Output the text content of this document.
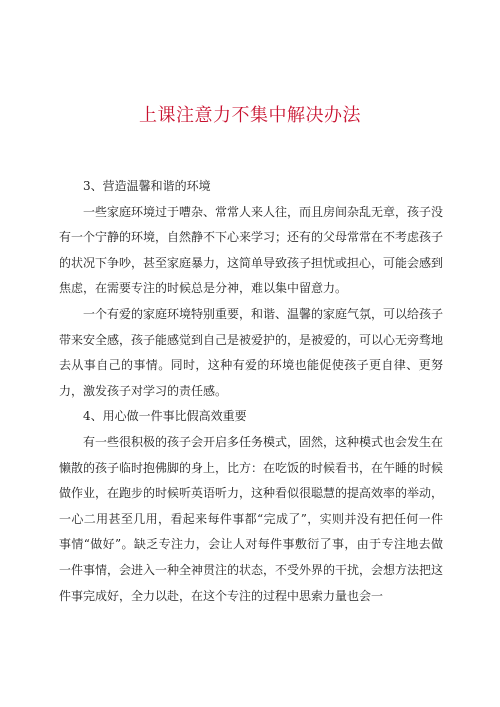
上课注意力不集中解决办法

3、营造温馨和谐的环境

一些家庭环境过于嘈杂、常常人来人往，而且房间杂乱无章，孩子没有一个宁静的环境，自然静不下心来学习；还有的父母常常在不考虑孩子的状况下争吵，甚至家庭暴力，这简单导致孩子担忧或担心，可能会感到焦虑，在需要专注的时候总是分神，难以集中留意力。

一个有爱的家庭环境特别重要，和谐、温馨的家庭气氛，可以给孩子带来安全感，孩子能感觉到自己是被爱护的，是被爱的，可以心无旁骛地去从事自己的事情。同时，这种有爱的环境也能促使孩子更自律、更努力，激发孩子对学习的责任感。

4、用心做一件事比假高效重要

有一些很积极的孩子会开启多任务模式，固然，这种模式也会发生在懒散的孩子临时抱佛脚的身上，比方：在吃饭的时候看书，在午睡的时候做作业，在跑步的时候听英语听力，这种看似很聪慧的提高效率的举动，一心二用甚至几用，看起来每件事都“完成了”，实则并没有把任何一件事情“做好”。缺乏专注力，会让人对每件事敷衍了事，由于专注地去做一件事情，会进入一种全神贯注的状态，不受外界的干扰，会想方法把这件事完成好，全力以赴，在这个专注的过程中思索力量也会一
